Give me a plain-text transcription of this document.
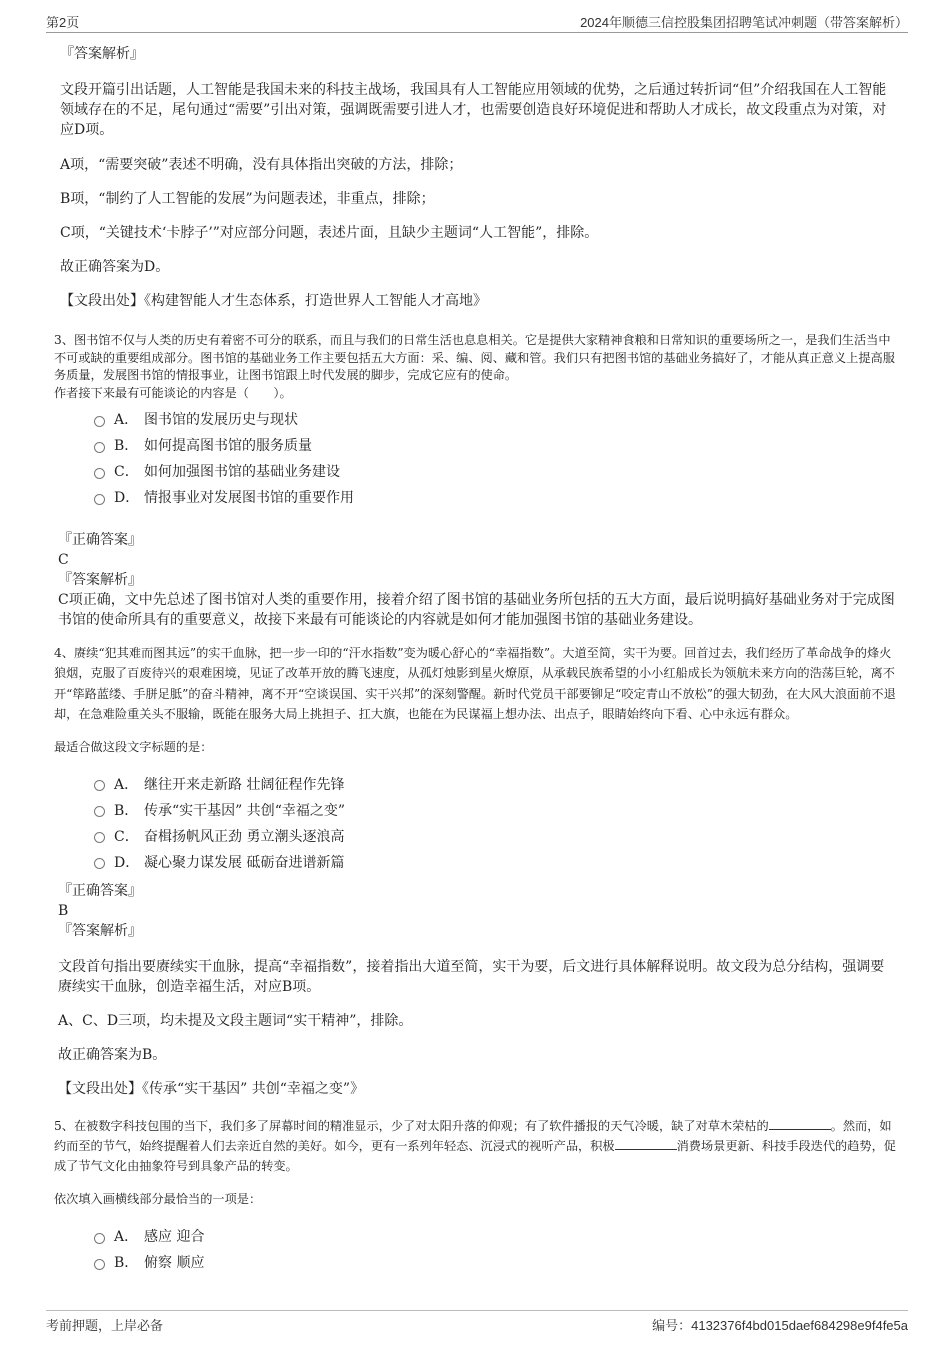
第2页	2024年顺德三信控股集团招聘笔试冲刺题（带答案解析）

『答案解析』

文段开篇引出话题，人工智能是我国未来的科技主战场，我国具有人工智能应用领域的优势，之后通过转折词“但”介绍我国在人工智能领域存在的不足，尾句通过“需要”引出对策，强调既需要引进人才，也需要创造良好环境促进和帮助人才成长，故文段重点为对策，对应D项。

A项，“需要突破”表述不明确，没有具体指出突破的方法，排除；

B项，“制约了人工智能的发展”为问题表述，非重点，排除；

C项，“关键技术‘卡脖子’”对应部分问题，表述片面，且缺少主题词“人工智能”，排除。

故正确答案为D。

【文段出处】《构建智能人才生态体系，打造世界人工智能人才高地》

3、图书馆不仅与人类的历史有着密不可分的联系，而且与我们的日常生活也息息相关。它是提供大家精神食粮和日常知识的重要场所之一，是我们生活当中不可或缺的重要组成部分。图书馆的基础业务工作主要包括五大方面：采、编、阅、藏和管。我们只有把图书馆的基础业务搞好了，才能从真正意义上提高服务质量，发展图书馆的情报事业，让图书馆跟上时代发展的脚步，完成它应有的使命。

作者接下来最有可能谈论的内容是（　　）。

A． 图书馆的发展历史与现状
B． 如何提高图书馆的服务质量
C． 如何加强图书馆的基础业务建设
D． 情报事业对发展图书馆的重要作用

『正确答案』

C

『答案解析』

C项正确，文中先总述了图书馆对人类的重要作用，接着介绍了图书馆的基础业务所包括的五大方面，最后说明搞好基础业务对于完成图书馆的使命所具有的重要意义，故接下来最有可能谈论的内容就是如何才能加强图书馆的基础业务建设。

4、赓续“犯其难而图其远”的实干血脉，把一步一印的“汗水指数”变为暖心舒心的“幸福指数”。大道至简，实干为要。回首过去，我们经历了革命战争的烽火狼烟，克服了百废待兴的艰难困境，见证了改革开放的腾飞速度，从孤灯烛影到星火燎原，从承载民族希望的小小红船成长为领航未来方向的浩荡巨轮，离不开“筚路蓝缕、手胼足胝”的奋斗精神，离不开“空谈误国、实干兴邦”的深刻警醒。新时代党员干部要铆足“咬定青山不放松”的强大韧劲，在大风大浪面前不退却，在急难险重关头不服输，既能在服务大局上挑担子、扛大旗，也能在为民谋福上想办法、出点子，眼睛始终向下看、心中永远有群众。

最适合做这段文字标题的是：

A． 继往开来走新路 壮阔征程作先锋
B． 传承“实干基因” 共创“幸福之变”
C． 奋楫扬帆风正劲 勇立潮头逐浪高
D． 凝心聚力谋发展 砥砺奋进谱新篇

『正确答案』

B

『答案解析』

文段首句指出要赓续实干血脉，提高“幸福指数”，接着指出大道至简，实干为要，后文进行具体解释说明。故文段为总分结构，强调要赓续实干血脉，创造幸福生活，对应B项。

A、C、D三项，均未提及文段主题词“实干精神”，排除。

故正确答案为B。

【文段出处】《传承“实干基因” 共创“幸福之变”》

5、在被数字科技包围的当下，我们多了屏幕时间的精准显示，少了对太阳升落的仰观；有了软件播报的天气冷暖，缺了对草木荣枯的	。然而，如约而至的节气，始终提醒着人们去亲近自然的美好。如今，更有一系列年轻态、沉浸式的视听产品，积极	消费场景更新、科技手段迭代的趋势，促成了节气文化由抽象符号到具象产品的转变。

依次填入画横线部分最恰当的一项是：

A． 感应 迎合
B． 俯察 顺应
考前押题，上岸必备	编号：4132376f4bd015daef684298e9f4fe5a
